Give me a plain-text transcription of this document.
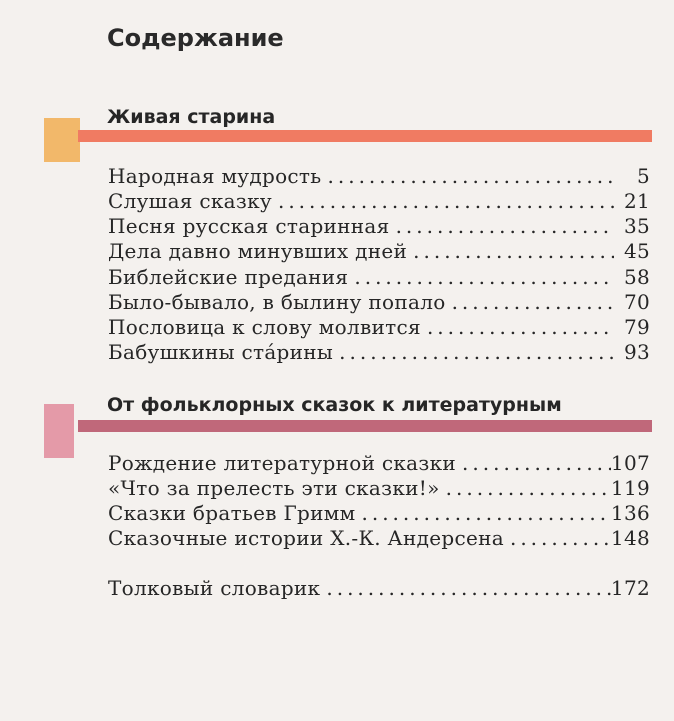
Содержание
Живая старина
Народная мудрость .....	5
Слушая сказку .....	21
Песня русская старинная .....	35
Дела давно минувших дней .....	45
Библейские предания .....	58
Было-бывало, в былину попало .....	70
Пословица к слову молвится .....	79
Бабушкины стáрины .....	93
От фольклорных сказок к литературным
Рождение литературной сказки .....	107
«Что за прелесть эти сказки!» .....	119
Сказки братьев Гримм .....	136
Сказочные истории Х.-К. Андерсена .....	148
Толковый словарик .....	172
